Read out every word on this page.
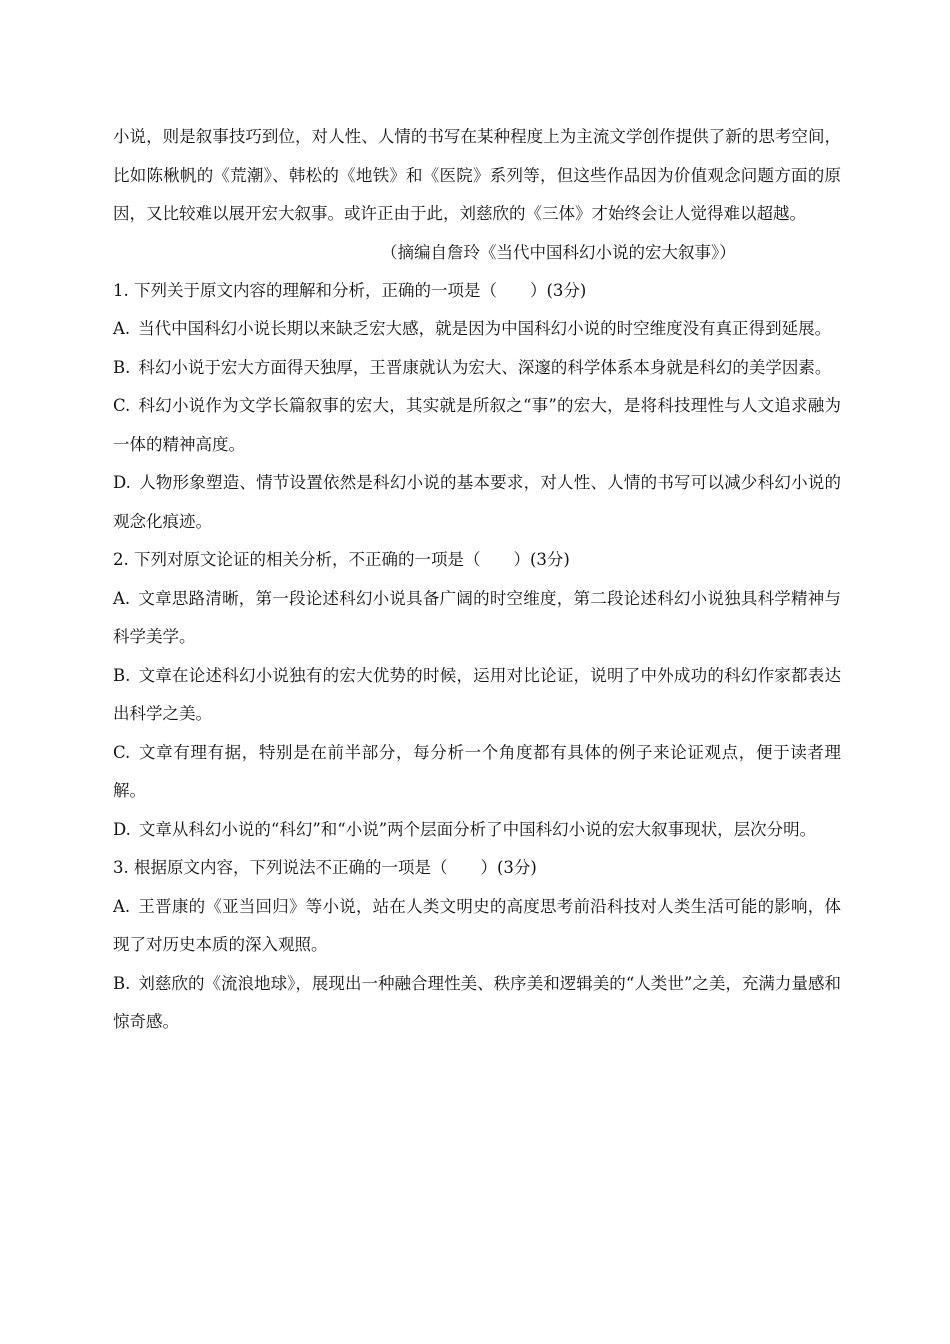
小说，则是叙事技巧到位，对人性、人情的书写在某种程度上为主流文学创作提供了新的思考空间，比如陈楸帆的《荒潮》、韩松的《地铁》和《医院》系列等，但这些作品因为价值观念问题方面的原因，又比较难以展开宏大叙事。或许正由于此，刘慈欣的《三体》才始终会让人觉得难以超越。

（摘编自詹玲《当代中国科幻小说的宏大叙事》）

1. 下列关于原文内容的理解和分析，正确的一项是（　　）(3分)

A. 当代中国科幻小说长期以来缺乏宏大感，就是因为中国科幻小说的时空维度没有真正得到延展。

B. 科幻小说于宏大方面得天独厚，王晋康就认为宏大、深邃的科学体系本身就是科幻的美学因素。

C. 科幻小说作为文学长篇叙事的宏大，其实就是所叙之“事”的宏大，是将科技理性与人文追求融为一体的精神高度。

D. 人物形象塑造、情节设置依然是科幻小说的基本要求，对人性、人情的书写可以减少科幻小说的观念化痕迹。

2. 下列对原文论证的相关分析，不正确的一项是（　　）(3分)

A. 文章思路清晰，第一段论述科幻小说具备广阔的时空维度，第二段论述科幻小说独具科学精神与科学美学。

B. 文章在论述科幻小说独有的宏大优势的时候，运用对比论证，说明了中外成功的科幻作家都表达出科学之美。

C. 文章有理有据，特别是在前半部分，每分析一个角度都有具体的例子来论证观点，便于读者理解。

D. 文章从科幻小说的“科幻”和“小说”两个层面分析了中国科幻小说的宏大叙事现状，层次分明。

3. 根据原文内容，下列说法不正确的一项是（　　）(3分)

A. 王晋康的《亚当回归》等小说，站在人类文明史的高度思考前沿科技对人类生活可能的影响，体现了对历史本质的深入观照。

B. 刘慈欣的《流浪地球》，展现出一种融合理性美、秩序美和逻辑美的“人类世”之美，充满力量感和惊奇感。
